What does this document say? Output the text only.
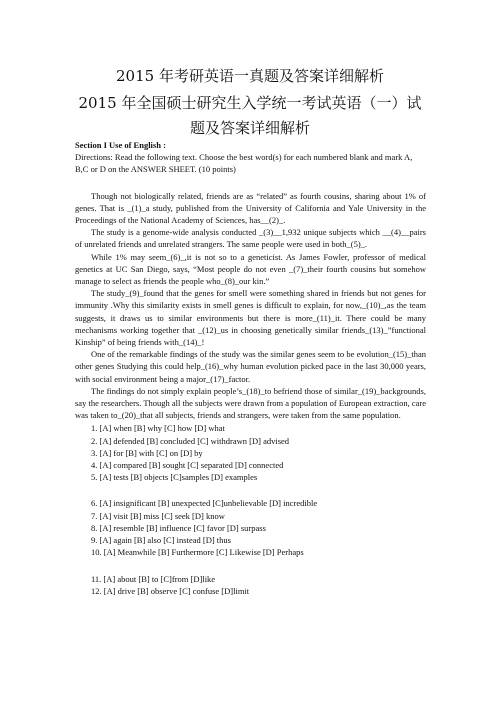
2015 年考研英语一真题及答案详细解析
2015 年全国硕士研究生入学统一考试英语（一）试
题及答案详细解析
Section I Use of English :

Directions: Read the following text. Choose the best word(s) for each numbered blank and mark A, B,C or D on the ANSWER SHEET. (10 points)

Though not biologically related, friends are as “related” as fourth cousins, sharing about 1% of genes. That is _(1)_a study, published from the University of California and Yale University in the Proceedings of the National Academy of Sciences, has__(2)_.

The study is a genome-wide analysis conducted _(3)__1,932 unique subjects which __(4)__pairs of unrelated friends and unrelated strangers. The same people were used in both_(5)_.

While 1% may seem_(6)_,it is not so to a geneticist. As James Fowler, professor of medical genetics at UC San Diego, says, “Most people do not even _(7)_their fourth cousins but somehow manage to select as friends the people who_(8)_our kin.”

The study_(9)_found that the genes for smell were something shared in friends but not genes for immunity .Why this similarity exists in smell genes is difficult to explain, for now,_(10)_,as the team suggests, it draws us to similar environments but there is more_(11)_it. There could be many mechanisms working together that _(12)_us in choosing genetically similar friends_(13)_”functional Kinship” of being friends with_(14)_!

One of the remarkable findings of the study was the similar genes seem to be evolution_(15)_than other genes Studying this could help_(16)_why human evolution picked pace in the last 30,000 years, with social environment being a major_(17)_factor.

The findings do not simply explain people’s_(18)_to befriend those of similar_(19)_backgrounds, say the researchers. Though all the subjects were drawn from a population of European extraction, care was taken to_(20)_that all subjects, friends and strangers, were taken from the same population.

1. [A] when [B] why [C] how [D] what
2. [A] defended [B] concluded [C] withdrawn [D] advised
3. [A] for [B] with [C] on [D] by
4. [A] compared [B] sought [C] separated [D] connected
5. [A] tests [B] objects [C]samples [D] examples
6. [A] insignificant [B] unexpected [C]unbelievable [D] incredible
7. [A] visit [B] miss [C] seek [D] know
8. [A] resemble [B] influence [C] favor [D] surpass
9. [A] again [B] also [C] instead [D] thus
10. [A] Meanwhile [B] Furthermore [C] Likewise [D] Perhaps
11. [A] about [B] to [C]from [D]like
12. [A] drive [B] observe [C] confuse [D]limit
